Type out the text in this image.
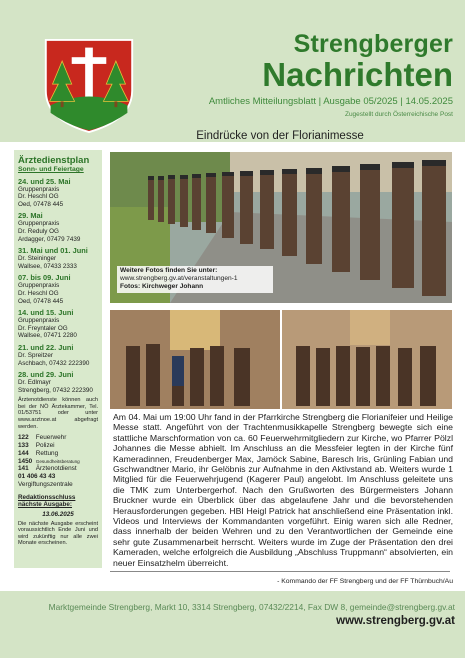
Strengberger
Nachrichten
Amtliches Mitteilungsblatt | Ausgabe 05/2025 | 14.05.2025
Zugestellt durch Österreichische Post
Ärztedienstplan
Sonn- und Feiertage
24. und 25. Mai
Gruppenpraxis
Dr. Heschl OG
Oed, 07478 445
29. Mai
Gruppenpraxis
Dr. Reduly OG
Ardagger, 07479 7439
31. Mai und 01. Juni
Dr. Steininger
Wallsee, 07433 2333
07. bis 09. Juni
Gruppenpraxis
Dr. Heschl OG
Oed, 07478 445
14. und 15. Juni
Gruppenpraxis
Dr. Freyntaler OG
Wallsee, 07471 2280
21. und 22. Juni
Dr. Spreitzer
Aschbach, 07432 222390
28. und 29. Juni
Dr. Edlmayr
Strengberg, 07432 222390
Ärztenotdienste können auch bei der NÖ Ärztekammer, Tel. 01/53751 oder unter www.arztnoe.at abgefragt werden.
122 Feuerwehr
133 Polizei
144 Rettung
1450 Gesundheitsberatung
141 Ärztenotdienst
01 406 43 43
Vergiftungszentrale
Redaktionsschluss nächste Ausgabe:
13.06.2025
Die nächste Ausgabe erscheint voraussichtlich Ende Juni und wird zukünftig nur alle zwei Monate erscheinen.
Eindrücke von der Florianimesse
Weitere Fotos finden Sie unter:
www.strengberg.gv.at/veranstaltungen-1
Fotos: Kirchweger Johann
Am 04. Mai um 19:00 Uhr fand in der Pfarrkirche Strengberg die Florianifeier und Heilige Messe statt. Angeführt von der Trachtenmusikkapelle Strengberg bewegte sich eine stattliche Marschformation von ca. 60 Feuerwehrmitgliedern zur Kirche, wo Pfarrer Pölzl Johannes die Messe abhielt. Im Anschluss an die Messfeier legten in der Kirche fünf Kameradinnen, Freudenberger Max, Jamöck Sabine, Baresch Iris, Grünling Fabian und Gschwandtner Mario, ihr Gelöbnis zur Aufnahme in den Aktivstand ab. Weiters wurde 1 Mitglied für die Feuerwehrjugend (Kagerer Paul) angelobt. Im Anschluss geleitete uns die TMK zum Unterbergerhof. Nach den Grußworten des Bürgermeisters Johann Bruckner wurde ein Überblick über das abgelaufene Jahr und die bevorstehenden Herausforderungen gegeben. HBI Heigl Patrick hat anschließend eine Präsentation inkl. Videos und Interviews der Kommandanten vorgeführt. Einig waren sich alle Redner, dass innerhalb der beiden Wehren und zu den Verantwortlichen der Gemeinde eine sehr gute Zusammenarbeit herrscht. Weiters wurde im Zuge der Präsentation den drei Kameraden, welche erfolgreich die Ausbildung „Abschluss Truppmann“ absolvierten, ein neuer Einsatzhelm überreicht.
- Kommando der FF Strengberg und der FF Thürnbuch/Au
Marktgemeinde Strengberg, Markt 10, 3314 Strengberg, 07432/2214, Fax DW 8, gemeinde@strengberg.gv.at
www.strengberg.gv.at
